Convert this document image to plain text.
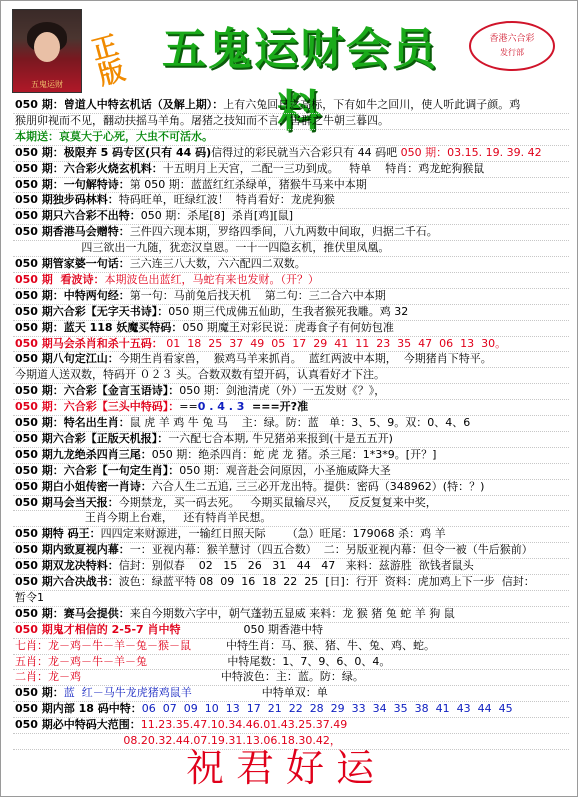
五鬼运财
正版 五鬼运财会员料
香港六合彩
发行部
050 期：曾道人中特玄机话（及解上期）：上有六兔回日之高标，下有如牛之回川，使人听此调子颜。鸡
猴朋卯视而不见，翻动扶摇马羊角。屠猪之技知而不言，害群之牛朝三暮四。
本期送：哀莫大于心死，大虫不可活水。
050 期：极限弃 5 码专区(只有 44 码)信得过的彩民就当六合彩只有 44 码吧 050 期：03.15. 19. 39. 42
050 期：六合彩火烧玄机料：十五明月上天宫，二配一三功到成。   特单    特肖：鸡龙蛇狗猴鼠
050 期：一句解特诗：第 050 期：蓝蓝红红杀绿单，猪猴牛马来中本期
050 期独步码林料：特码旺单，旺绿红波！  特肖看好：龙虎狗猴
050 期只六合彩不出特：050 期：杀尾[8]  杀肖[鸡][鼠]
050 期香港马会赠特：三件四六现本期，罗络四季间，八九两数中间取，归据二千石。
四三欲出一九随，犹恋汉皇恩。一十一四隐玄机，推伏里凤凰。
050 期管家婆一句话：三六连三八大数，六六配四二双数。
050 期  看波诗：本期波色出蓝红，马蛇有来也发财。（开？）
050 期：中特两句经：第一句：马前兔后找天机    第二句：三二合六中本期
050 期六合彩【无字天书诗】：050 期三代成佛五仙助，生我者猴死我雕。鸡 32
050 期：蓝天 118 妖魔买特码：050 期魔王对彩民说：虎毒食子有何妨包准
050 期马会杀肖和杀十五码： 01  18  25  37  49  05  17  29  41  11  23  35  47  06  13  30。
050 期八句定江山：今期生肖看家兽，  猴鸡马羊来抓肖。  蓝红两波中本期，  今期猪肖下特平。
今期道人送双数，特码开 ０２３ 头。合数双数有望开码，认真看好才下注。
050 期：六合彩【金言玉语诗】：050 期：剑池清虎（外）一五发财《？》，
050 期：六合彩【三头中特码】：==0 . 4 . 3  ===开?准
050 期：特名出生肖：鼠 虎 羊 鸡 牛 兔 马    主：绿。防：蓝   单：3、5、9。双：0、4、6
050 期六合彩【正版天机报】：一六配七合本期, 牛兄猪弟来报到(十是五五开)
050 期九龙绝杀四肖三尾：050 期：绝杀四肖：蛇 虎 龙 猪。杀三尾：1*3*9。[开？]
050 期：六合彩【一句定生肖】：050 期：观音赴会问原因，小圣施威降大圣
050 期白小姐传密一肖诗：六合人生二五追, 三三必开龙出特。提供：密码（348962）(特：？)
050 期马会当天报：今期禁龙，买一码去死。   今期买鼠输尽兴，   反反复复来中奖，
王肖今期上台难，   还有特肖羊民想。
050 期特 码王：四四定来财源进，一输红日照天际      （急）旺尾：179068 杀：鸡 羊
050 期内致夏视内幕：一：亚视内幕：猴羊慧讨（四五合数）  二：另版亚视内幕：但令一被（牛后猴前）
050 期双龙决特料：信封：别似春    02   15   26   31   44   47   来料：兹游胜  欲钱者鼠头
050 期六合决战书：波色：绿蓝平特 08  09  16  18  22  25  [日]：行开  资料：虎加鸡上下一步  信封：
暂令1
050 期：赛马会提供：来自今期数六字中，朝气蓬勃五显威 来料：龙 猴 猪 兔 蛇 羊 狗 鼠
050 期鬼才相信的 2-5-7 肖中特                  050 期香港中特
七肖：龙－鸡－牛－羊－兔－猴－鼠          中特生肖：马、猴、猪、牛、兔、鸡、蛇。
五肖：龙－鸡－牛－羊－兔                       中特尾数：1、7、9、6、0、4。
二肖：龙－鸡                                        中特波色：主：蓝。防：绿。
050 期：蓝  红－马牛龙虎猪鸡鼠羊                    中特单双：单
050 期内部 18 码中特：06  07  09  10  13  17  21  22  28  29  33  34  35  38  41  43  44  45
050 期必中特码大范围：11.23.35.47.10.34.46.01.43.25.37.49
08.20.32.44.07.19.31.13.06.18.30.42，
祝君好运
